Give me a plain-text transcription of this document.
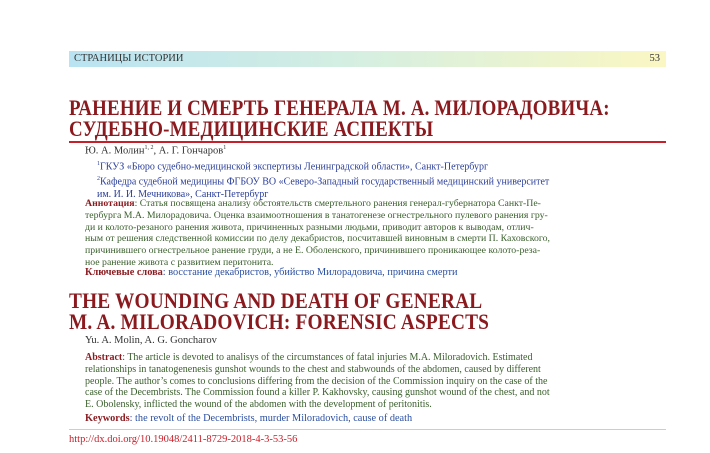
СТРАНИЦЫ ИСТОРИИ	53
РАНЕНИЕ И СМЕРТЬ ГЕНЕРАЛА М. А. МИЛОРАДОВИЧА:
СУДЕБНО-МЕДИЦИНСКИЕ АСПЕКТЫ
Ю. А. Молин$^{1, 2}$, А. Г. Гончаров$^1$
$^1$ГКУЗ «Бюро судебно-медицинской экспертизы Ленинградской области», Санкт-Петербург
$^2$Кафедра судебной медицины ФГБОУ ВО «Северо-Западный государственный медицинский университет
им. И. И. Мечникова», Санкт-Петербург
Аннотация: Статья посвящена анализу обстоятельств смертельного ранения генерал-губернатора Санкт-Пе-
тербурга М.А. Милорадовича. Оценка взаимоотношения в танатогенезе огнестрельного пулевого ранения гру-
ди и колото-резаного ранения живота, причиненных разными людьми, приводит авторов к выводам, отлич-
ным от решения следственной комиссии по делу декабристов, посчитавшей виновным в смерти П. Каховского,
причинившего огнестрельное ранение груди, а не Е. Оболенского, причинившего проникающее колото-реза-
ное ранение живота с развитием перитонита.
Ключевые слова: восстание декабристов, убийство Милорадовича, причина смерти
THE WOUNDING AND DEATH OF GENERAL
M. A. MILORADOVICH: FORENSIC ASPECTS
Yu. A. Molin, A. G. Goncharov
Abstract: The article is devoted to analisys of the circumstances of fatal injuries M.A. Miloradovich. Estimated
relationships in tanatogenenesis gunshot wounds to the chest and stabwounds of the abdomen, caused by different
people. The author’s comes to conclusions differing from the decision of the Commission inquiry on the case of the
case of the Decembrists. The Commission found a killer P. Kakhovsky, causing gunshot wound of the chest, and not
E. Obolensky, inflicted the wound of the abdomen with the development of peritonitis.
Keywords: the revolt of the Decembrists, murder Miloradovich, cause of death
http://dx.doi.org/10.19048/2411-8729-2018-4-3-53-56
